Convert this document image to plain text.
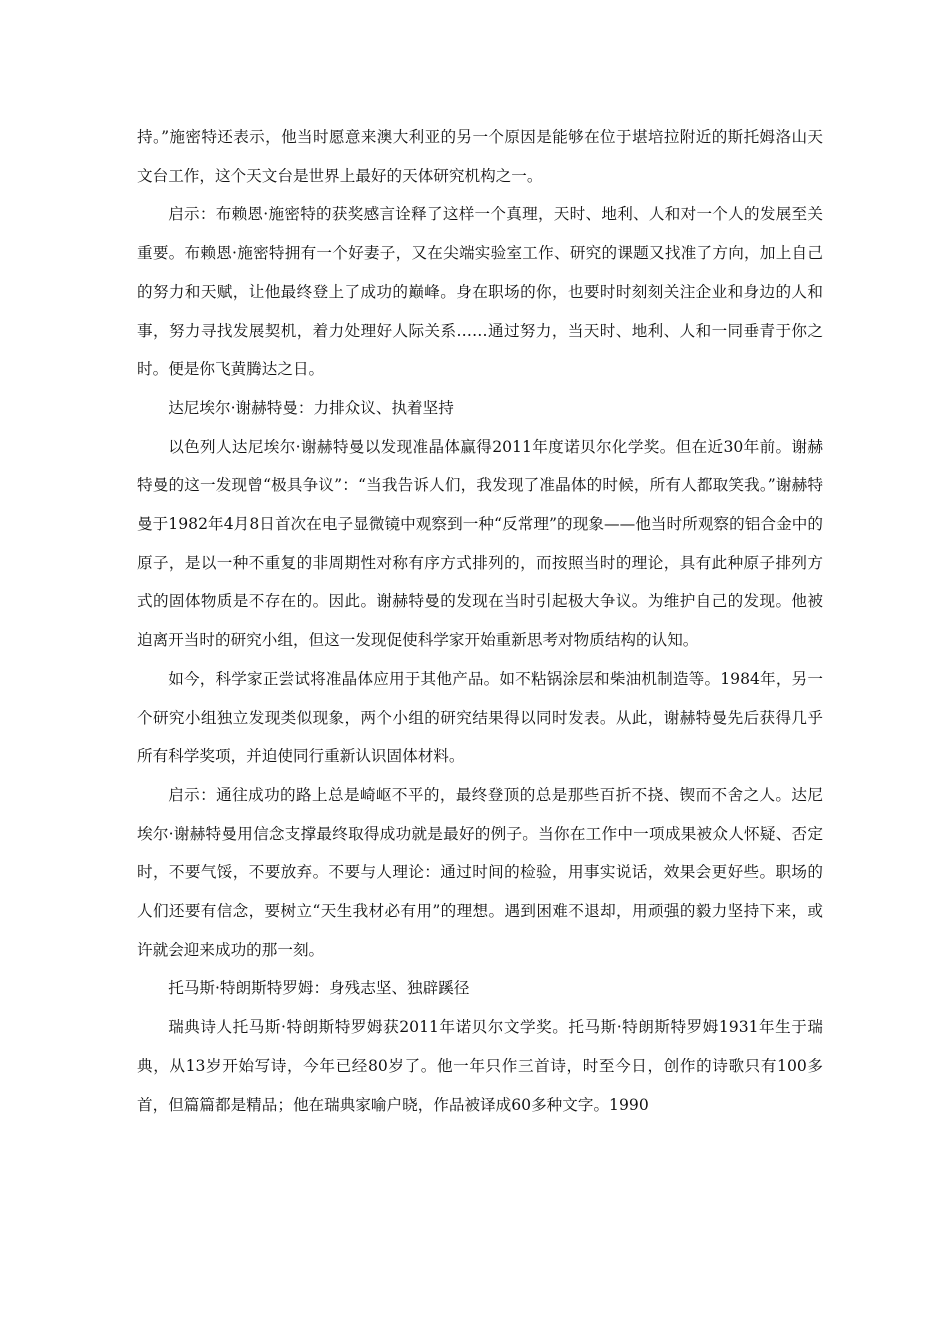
持。”施密特还表示，他当时愿意来澳大利亚的另一个原因是能够在位于堪培拉附近的斯托姆洛山天文台工作，这个天文台是世界上最好的天体研究机构之一。

启示：布赖恩·施密特的获奖感言诠释了这样一个真理，天时、地利、人和对一个人的发展至关重要。布赖恩·施密特拥有一个好妻子，又在尖端实验室工作、研究的课题又找准了方向，加上自己的努力和天赋，让他最终登上了成功的巅峰。身在职场的你，也要时时刻刻关注企业和身边的人和事，努力寻找发展契机，着力处理好人际关系……通过努力，当天时、地利、人和一同垂青于你之时。便是你飞黄腾达之日。

达尼埃尔·谢赫特曼：力排众议、执着坚持

以色列人达尼埃尔·谢赫特曼以发现准晶体赢得2011年度诺贝尔化学奖。但在近30年前。谢赫特曼的这一发现曾“极具争议”：“当我告诉人们，我发现了准晶体的时候，所有人都取笑我。”谢赫特曼于1982年4月8日首次在电子显微镜中观察到一种“反常理”的现象——他当时所观察的铝合金中的原子，是以一种不重复的非周期性对称有序方式排列的，而按照当时的理论，具有此种原子排列方式的固体物质是不存在的。因此。谢赫特曼的发现在当时引起极大争议。为维护自己的发现。他被迫离开当时的研究小组，但这一发现促使科学家开始重新思考对物质结构的认知。

如今，科学家正尝试将准晶体应用于其他产品。如不粘锅涂层和柴油机制造等。1984年，另一个研究小组独立发现类似现象，两个小组的研究结果得以同时发表。从此，谢赫特曼先后获得几乎所有科学奖项，并迫使同行重新认识固体材料。

启示：通往成功的路上总是崎岖不平的，最终登顶的总是那些百折不挠、锲而不舍之人。达尼埃尔·谢赫特曼用信念支撑最终取得成功就是最好的例子。当你在工作中一项成果被众人怀疑、否定时，不要气馁，不要放弃。不要与人理论：通过时间的检验，用事实说话，效果会更好些。职场的人们还要有信念，要树立“天生我材必有用”的理想。遇到困难不退却，用顽强的毅力坚持下来，或许就会迎来成功的那一刻。

托马斯·特朗斯特罗姆：身残志坚、独辟蹊径

瑞典诗人托马斯·特朗斯特罗姆获2011年诺贝尔文学奖。托马斯·特朗斯特罗姆1931年生于瑞典，从13岁开始写诗，今年已经80岁了。他一年只作三首诗，时至今日，创作的诗歌只有100多首，但篇篇都是精品；他在瑞典家喻户晓，作品被译成60多种文字。1990
